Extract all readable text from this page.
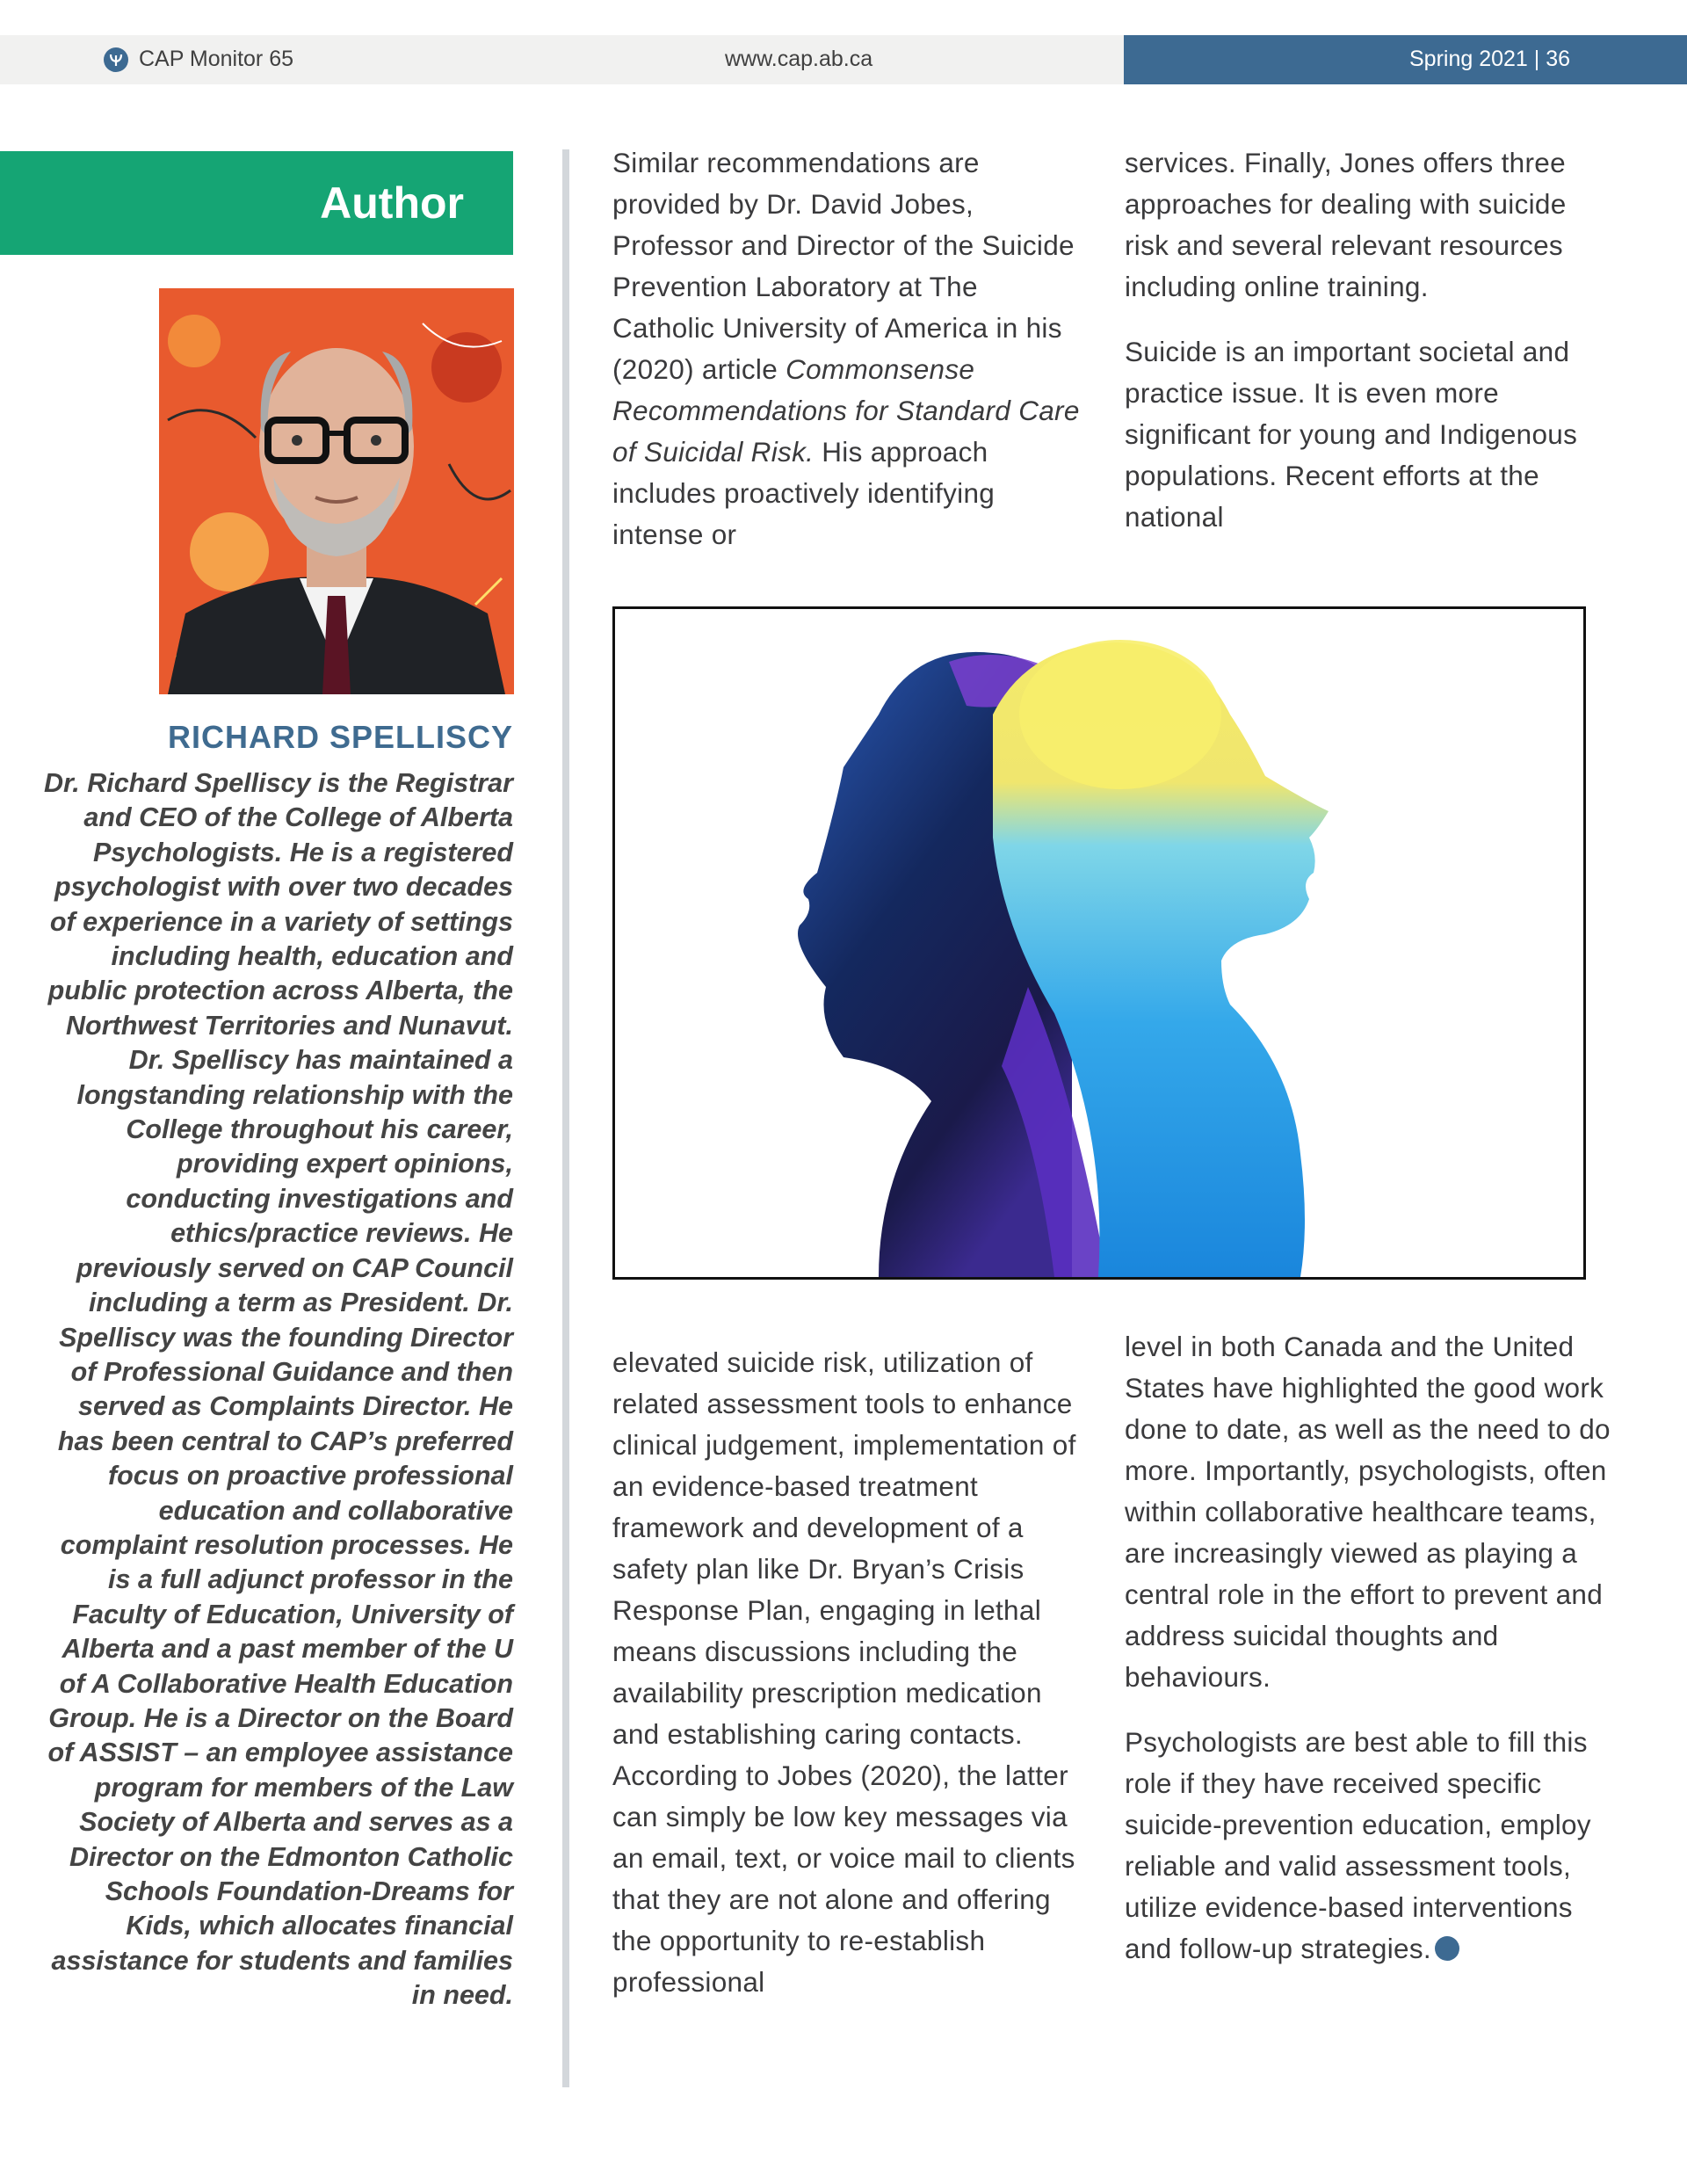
CAP Monitor 65	www.cap.ab.ca	Spring 2021 | 36
Author
RICHARD SPELLISCY
Dr. Richard Spelliscy is the Registrar and CEO of the College of Alberta Psychologists. He is a registered psychologist with over two decades of experience in a variety of settings including health, education and public protection across Alberta, the Northwest Territories and Nunavut. Dr. Spelliscy has maintained a longstanding relationship with the College throughout his career, providing expert opinions, conducting investigations and ethics/practice reviews. He previously served on CAP Council including a term as President. Dr. Spelliscy was the founding Director of Professional Guidance and then served as Complaints Director. He has been central to CAP’s preferred focus on proactive professional education and collaborative complaint resolution processes. He is a full adjunct professor in the Faculty of Education, University of Alberta and a past member of the U of A Collaborative Health Education Group. He is a Director on the Board of ASSIST – an employee assistance program for members of the Law Society of Alberta and serves as a Director on the Edmonton Catholic Schools Foundation-Dreams for Kids, which allocates financial assistance for students and families in need.

Similar recommendations are provided by Dr. David Jobes, Professor and Director of the Suicide Prevention Laboratory at The Catholic University of America in his (2020) article Commonsense Recommendations for Standard Care of Suicidal Risk. His approach includes proactively identifying intense or

services. Finally, Jones offers three approaches for dealing with suicide risk and several relevant resources including online training.

Suicide is an important societal and practice issue. It is even more significant for young and Indigenous populations. Recent efforts at the national

elevated suicide risk, utilization of related assessment tools to enhance clinical judgement, implementation of an evidence-based treatment framework and development of a safety plan like Dr. Bryan’s Crisis Response Plan, engaging in lethal means discussions including the availability prescription medication and establishing caring contacts. According to Jobes (2020), the latter can simply be low key messages via an email, text, or voice mail to clients that they are not alone and offering the opportunity to re-establish professional

level in both Canada and the United States have highlighted the good work done to date, as well as the need to do more. Importantly, psychologists, often within collaborative healthcare teams, are increasingly viewed as playing a central role in the effort to prevent and address suicidal thoughts and behaviours.

Psychologists are best able to fill this role if they have received specific suicide-prevention education, employ reliable and valid assessment tools, utilize evidence-based interventions and follow-up strategies.
